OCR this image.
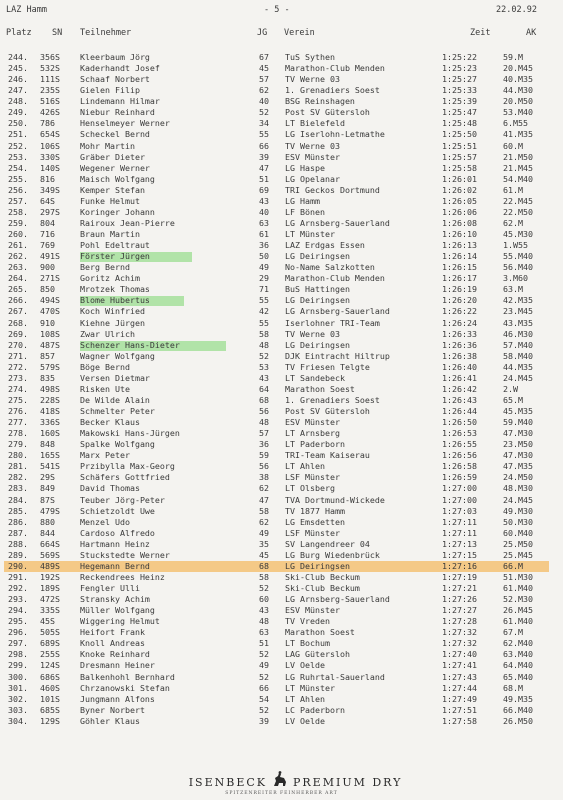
LAZ Hamm	- 5 -	22.02.92
Platz SN Teilnehmer	JG Verein	Zeit	AK
244.	356S	Kleerbaum Jörg	67	TuS Sythen	1:25:22	59.M
245.	532S	Kaderhandt Josef	45	Marathon-Club Menden	1:25:23	20.M45
246.	111S	Schaaf Norbert	57	TV Werne 03	1:25:27	40.M35
247.	235S	Gielen Filip	62	1. Grenadiers Soest	1:25:33	44.M30
248.	516S	Lindemann Hilmar	40	BSG Reinshagen	1:25:39	20.M50
249.	426S	Niebur Reinhard	52	Post SV Gütersloh	1:25:47	53.M40
250.	786	Henselmeyer Werner	34	LT Bielefeld	1:25:48	6.M55
251.	654S	Scheckel Bernd	55	LG Iserlohn-Letmathe	1:25:50	41.M35
252.	106S	Mohr Martin	66	TV Werne 03	1:25:51	60.M
253.	330S	Gräber Dieter	39	ESV Münster	1:25:57	21.M50
254.	140S	Wegener Werner	47	LG Haspe	1:25:58	21.M45
255.	816	Maisch Wolfgang	51	LG Opelanar	1:26:01	54.M40
256.	349S	Kemper Stefan	69	TRI Geckos Dortmund	1:26:02	61.M
257.	64S	Funke Helmut	43	LG Hamm	1:26:05	22.M45
258.	297S	Koringer Johann	40	LF Bönen	1:26:06	22.M50
259.	804	Rairoux Jean-Pierre	63	LG Arnsberg-Sauerland	1:26:08	62.M
260.	716	Braun Martin	61	LT Münster	1:26:10	45.M30
261.	769	Pohl Edeltraut	36	LAZ Erdgas Essen	1:26:13	1.W55
262.	491S	Förster Jürgen	50	LG Deiringsen	1:26:14	55.M40
263.	900	Berg Bernd	49	No-Name Salzkotten	1:26:15	56.M40
264.	271S	Goritz Achim	29	Marathon-Club Menden	1:26:17	3.M60
265.	850	Mrotzek Thomas	71	BuS Hattingen	1:26:19	63.M
266.	494S	Blome Hubertus	55	LG Deiringsen	1:26:20	42.M35
267.	470S	Koch Winfried	42	LG Arnsberg-Sauerland	1:26:22	23.M45
268.	910	Kiehne Jürgen	55	Iserlohner TRI-Team	1:26:24	43.M35
269.	108S	Zwar Ulrich	58	TV Werne 03	1:26:33	46.M30
270.	487S	Schenzer Hans-Dieter	48	LG Deiringsen	1:26:36	57.M40
271.	857	Wagner Wolfgang	52	DJK Eintracht Hiltrup	1:26:38	58.M40
272.	579S	Böge Bernd	53	TV Friesen Telgte	1:26:40	44.M35
273.	835	Versen Dietmar	43	LT Sandebeck	1:26:41	24.M45
274.	498S	Risken Ute	64	Marathon Soest	1:26:42	2.W
275.	228S	De Wilde Alain	68	1. Grenadiers Soest	1:26:43	65.M
276.	418S	Schmelter Peter	56	Post SV Gütersloh	1:26:44	45.M35
277.	336S	Becker Klaus	48	ESV Münster	1:26:50	59.M40
278.	160S	Makowski Hans-Jürgen	57	LT Arnsberg	1:26:53	47.M30
279.	848	Spalke Wolfgang	36	LT Paderborn	1:26:55	23.M50
280.	165S	Marx Peter	59	TRI-Team Kaiserau	1:26:56	47.M30
281.	541S	Przibylla Max-Georg	56	LT Ahlen	1:26:58	47.M35
282.	29S	Schäfers Gottfried	38	LSF Münster	1:26:59	24.M50
283.	849	David Thomas	62	LT Olsberg	1:27:00	48.M30
284.	87S	Teuber Jörg-Peter	47	TVA Dortmund-Wickede	1:27:00	24.M45
285.	479S	Schietzoldt Uwe	58	TV 1877 Hamm	1:27:03	49.M30
286.	880	Menzel Udo	62	LG Emsdetten	1:27:11	50.M30
287.	844	Cardoso Alfredo	49	LSF Münster	1:27:11	60.M40
288.	664S	Hartmann Heinz	35	SV Langendreer 04	1:27:13	25.M50
289.	569S	Stuckstedte Werner	45	LG Burg Wiedenbrück	1:27:15	25.M45
290.	489S	Hegemann Bernd	68	LG Deiringsen	1:27:16	66.M
291.	192S	Reckendrees Heinz	58	Ski-Club Beckum	1:27:19	51.M30
292.	189S	Fengler Ulli	52	Ski-Club Beckum	1:27:21	61.M40
293.	472S	Stransky Achim	60	LG Arnsberg-Sauerland	1:27:26	52.M30
294.	335S	Müller Wolfgang	43	ESV Münster	1:27:27	26.M45
295.	45S	Wiggering Helmut	48	TV Vreden	1:27:28	61.M40
296.	505S	Heifort Frank	63	Marathon Soest	1:27:32	67.M
297.	689S	Knoll Andreas	51	LT Bochum	1:27:32	62.M40
298.	255S	Knoke Reinhard	52	LAG Gütersloh	1:27:40	63.M40
299.	124S	Dresmann Heiner	49	LV Oelde	1:27:41	64.M40
300.	686S	Balkenhohl Bernhard	52	LG Ruhrtal-Sauerland	1:27:43	65.M40
301.	460S	Chrzanowski Stefan	66	LT Münster	1:27:44	68.M
302.	101S	Jungmann Alfons	54	LT Ahlen	1:27:49	49.M35
303.	685S	Byner Norbert	52	LC Paderborn	1:27:51	66.M40
304.	129S	Göhler Klaus	39	LV Oelde	1:27:58	26.M50
ISENBECK PREMIUM DRY
SPITZENREITER FEINHERBER ART
